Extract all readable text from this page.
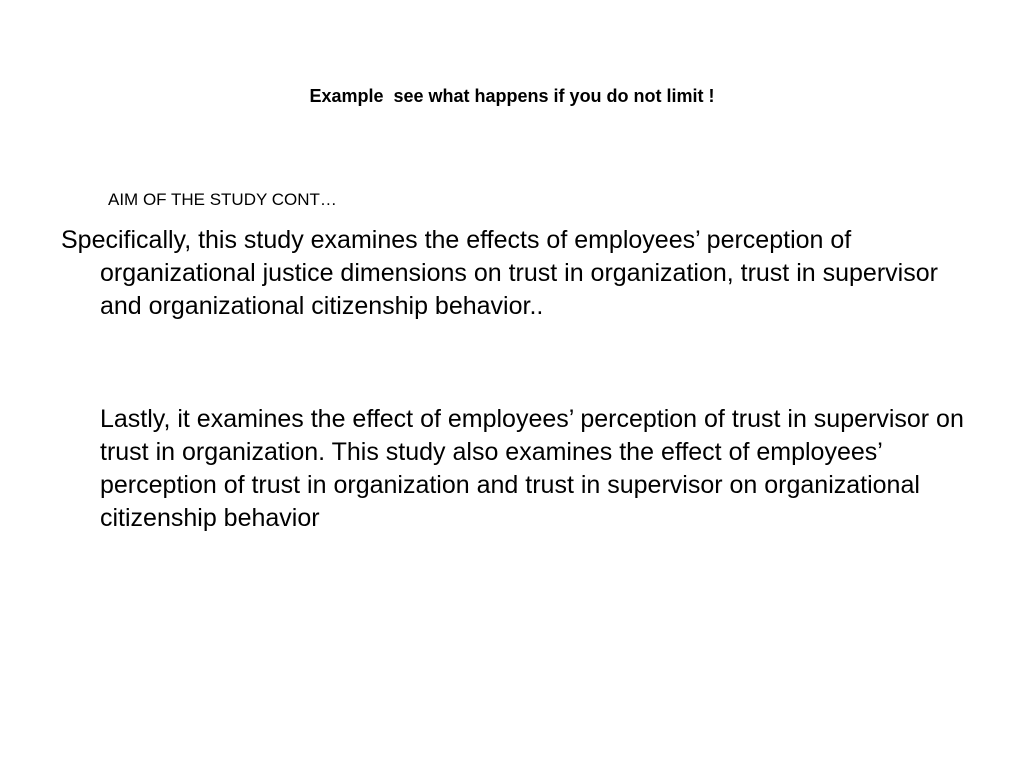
Example  see what happens if you do not limit !
AIM OF THE STUDY CONT…
Specifically, this study examines the effects of employees’ perception of organizational justice dimensions on trust in organization, trust in supervisor and organizational citizenship behavior..
Lastly, it examines the effect of employees’ perception of trust in supervisor on trust in organization. This study also examines the effect of employees’ perception of trust in organization and trust in supervisor on organizational citizenship behavior
